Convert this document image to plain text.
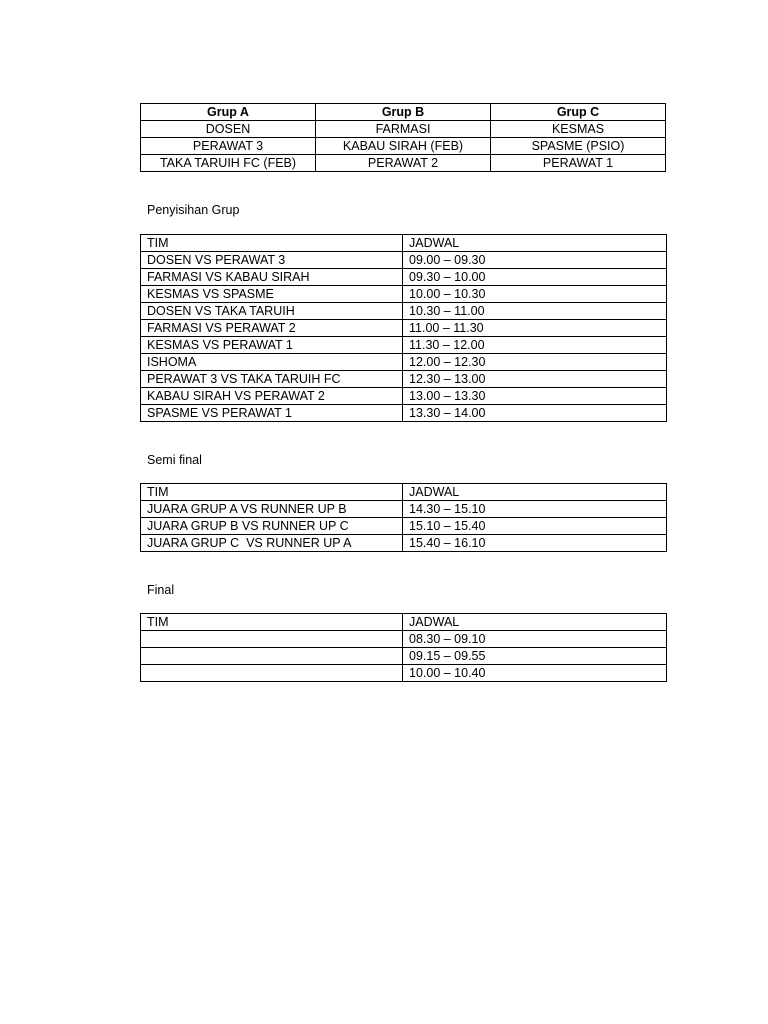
Grup A	Grup B	Grup C
DOSEN	FARMASI	KESMAS
PERAWAT 3	KABAU SIRAH (FEB)	SPASME (PSIO)
TAKA TARUIH FC (FEB)	PERAWAT 2	PERAWAT 1
Penyisihan Grup
TIM	JADWAL
DOSEN VS PERAWAT 3	09.00 – 09.30
FARMASI VS KABAU SIRAH	09.30 – 10.00
KESMAS VS SPASME	10.00 – 10.30
DOSEN VS TAKA TARUIH	10.30 – 11.00
FARMASI VS PERAWAT 2	11.00 – 11.30
KESMAS VS PERAWAT 1	11.30 – 12.00
ISHOMA	12.00 – 12.30
PERAWAT 3 VS TAKA TARUIH FC	12.30 – 13.00
KABAU SIRAH VS PERAWAT 2	13.00 – 13.30
SPASME VS PERAWAT 1	13.30 – 14.00
Semi final
TIM	JADWAL
JUARA GRUP A VS RUNNER UP B	14.30 – 15.10
JUARA GRUP B VS RUNNER UP C	15.10 – 15.40
JUARA GRUP C  VS RUNNER UP A	15.40 – 16.10
Final
TIM	JADWAL
	08.30 – 09.10
	09.15 – 09.55
	10.00 – 10.40
